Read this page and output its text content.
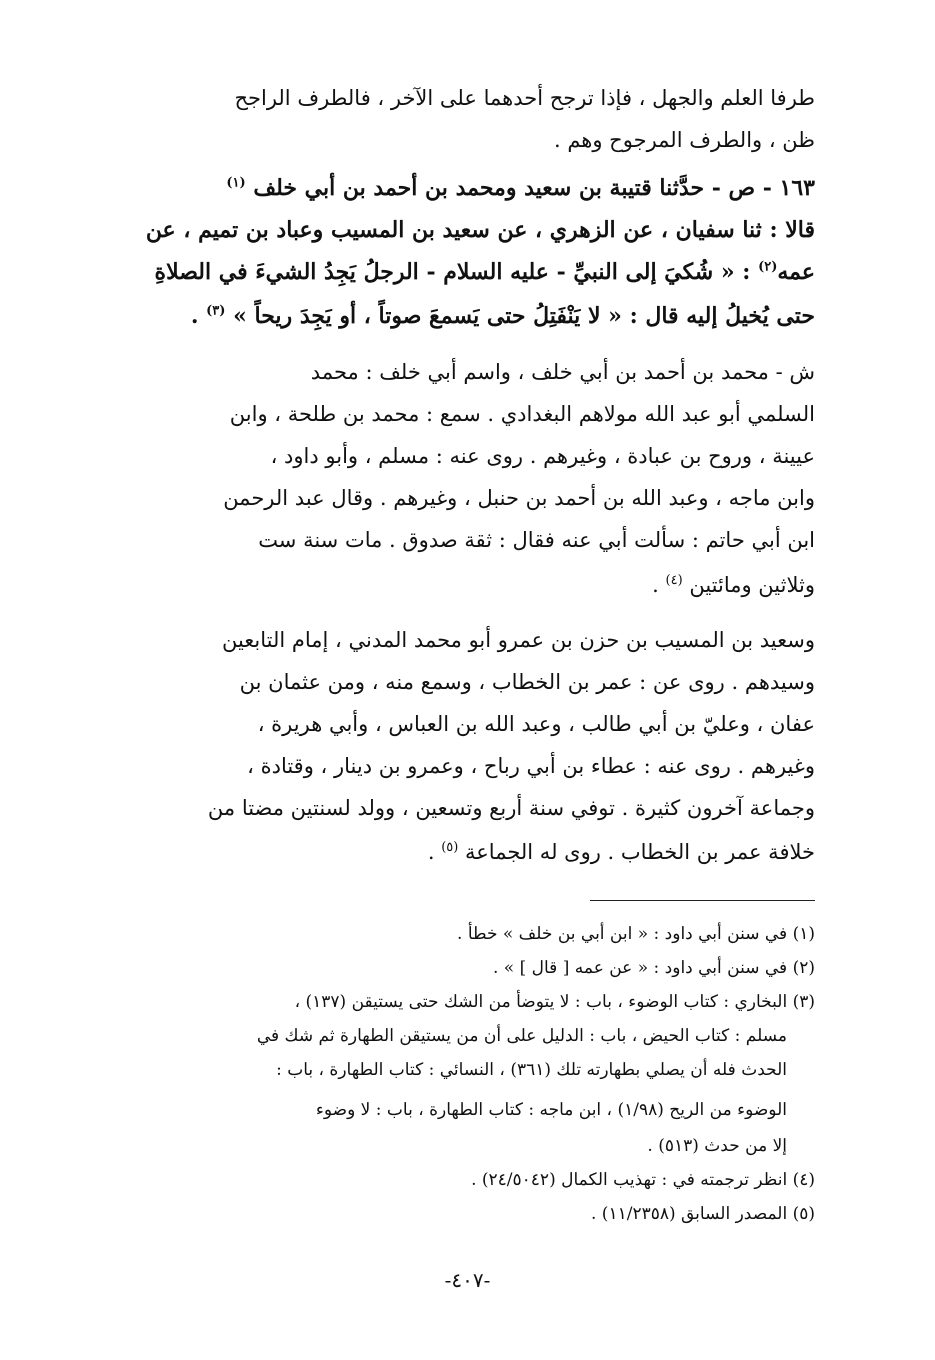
طرفا العلم والجهل ، فإذا ترجح أحدهما على الآخر ، فالطرف الراجح
ظن ، والطرف المرجوح وهم .
١٦٣ - ص - حدَّثنا قتيبة بن سعيد ومحمد بن أحمد بن أبي خلف $^{(١)}$
قالا : ثنا سفيان ، عن الزهري ، عن سعيد بن المسيب وعباد بن تميم ، عن
عمه$^{(٢)}$ : « شُكيَ إلى النبيِّ - عليه السلام - الرجلُ يَجِدُ الشيءَ في الصلاةِ
حتى يُخيلُ إليه قال : « لا يَنْفَتِلُ حتى يَسمعَ صوتاً ، أو يَجِدَ ريحاً » $^{(٣)}$ .
ش - محمد بن أحمد بن أبي خلف ، واسم أبي خلف : محمد
السلمي أبو عبد الله مولاهم البغدادي . سمع : محمد بن طلحة ، وابن
عيينة ، وروح بن عبادة ، وغيرهم . روى عنه : مسلم ، وأبو داود ،
وابن ماجه ، وعبد الله بن أحمد بن حنبل ، وغيرهم . وقال عبد الرحمن
ابن أبي حاتم : سألت أبي عنه فقال : ثقة صدوق . مات سنة ست
وثلاثين ومائتين $^{(٤)}$ .
وسعيد بن المسيب بن حزن بن عمرو أبو محمد المدني ، إمام التابعين
وسيدهم . روى عن : عمر بن الخطاب ، وسمع منه ، ومن عثمان بن
عفان ، وعليّ بن أبي طالب ، وعبد الله بن العباس ، وأبي هريرة ،
وغيرهم . روى عنه : عطاء بن أبي رباح ، وعمرو بن دينار ، وقتادة ،
وجماعة آخرون كثيرة . توفي سنة أربع وتسعين ، وولد لسنتين مضتا من
خلافة عمر بن الخطاب . روى له الجماعة $^{(٥)}$ .
(١) في سنن أبي داود : « ابن أبي بن خلف » خطأ .
(٢) في سنن أبي داود : « عن عمه [ قال ] » .
(٣) البخاري : كتاب الوضوء ، باب : لا يتوضأ من الشك حتى يستيقن (١٣٧) ،
مسلم : كتاب الحيض ، باب : الدليل على أن من يستيقن الطهارة ثم شك في
الحدث فله أن يصلي بطهارته تلك (٣٦١) ، النسائي : كتاب الطهارة ، باب :
الوضوء من الريح (١/٩٨) ، ابن ماجه : كتاب الطهارة ، باب : لا وضوء
إلا من حدث (٥١٣) .
(٤) انظر ترجمته في : تهذيب الكمال (٢٤/٥٠٤٢) .
(٥) المصدر السابق (١١/٢٣٥٨) .
-٤٠٧-
